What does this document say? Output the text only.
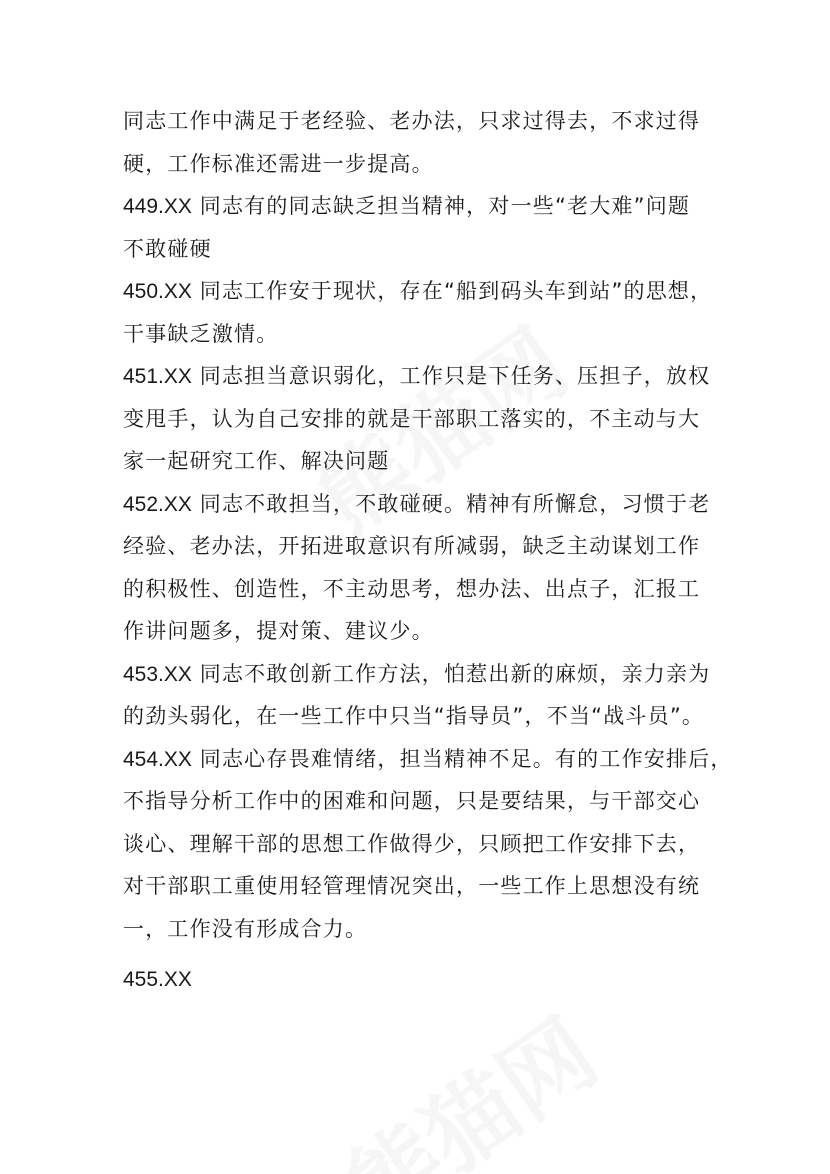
同志工作中满足于老经验、老办法，只求过得去，不求过得
硬，工作标准还需进一步提高。
449.XX 同志有的同志缺乏担当精神，对一些“老大难”问题
不敢碰硬
450.XX 同志工作安于现状，存在“船到码头车到站”的思想，
干事缺乏激情。
451.XX 同志担当意识弱化，工作只是下任务、压担子，放权
变甩手，认为自己安排的就是干部职工落实的，不主动与大
家一起研究工作、解决问题
452.XX 同志不敢担当，不敢碰硬。精神有所懈怠，习惯于老
经验、老办法，开拓进取意识有所减弱，缺乏主动谋划工作
的积极性、创造性，不主动思考，想办法、出点子，汇报工
作讲问题多，提对策、建议少。
453.XX 同志不敢创新工作方法，怕惹出新的麻烦，亲力亲为
的劲头弱化，在一些工作中只当“指导员”，不当“战斗员”。
454.XX 同志心存畏难情绪，担当精神不足。有的工作安排后，
不指导分析工作中的困难和问题，只是要结果，与干部交心
谈心、理解干部的思想工作做得少，只顾把工作安排下去，
对干部职工重使用轻管理情况突出，一些工作上思想没有统
一，工作没有形成合力。
455.XX
